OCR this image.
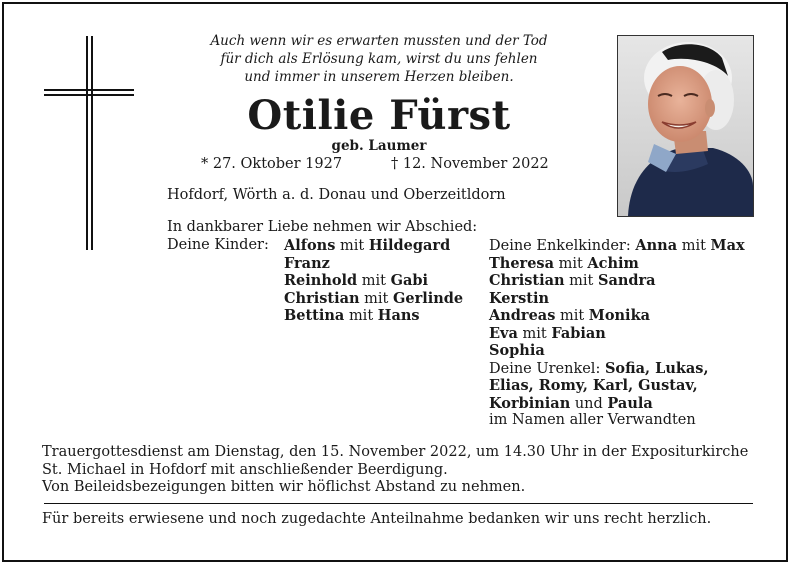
Auch wenn wir es erwarten mussten und der Tod
für dich als Erlösung kam, wirst du uns fehlen
und immer in unserem Herzen bleiben.
Otilie Fürst
geb. Laumer
* 27. Oktober 1927	† 12. November 2022
Hofdorf, Wörth a. d. Donau und Oberzeitldorn
In dankbarer Liebe nehmen wir Abschied:
Deine Kinder: Alfons mit Hildegard
Franz
Reinhold mit Gabi
Christian mit Gerlinde
Bettina mit Hans
Deine Enkelkinder: Anna mit Max
Theresa mit Achim
Christian mit Sandra
Kerstin
Andreas mit Monika
Eva mit Fabian
Sophia
Deine Urenkel: Sofia, Lukas,
Elias, Romy, Karl, Gustav,
Korbinian und Paula
im Namen aller Verwandten
Trauergottesdienst am Dienstag, den 15. November 2022, um 14.30 Uhr in der Expositurkirche
St. Michael in Hofdorf mit anschließender Beerdigung.
Von Beileidsbezeigungen bitten wir höflichst Abstand zu nehmen.
Für bereits erwiesene und noch zugedachte Anteilnahme bedanken wir uns recht herzlich.
